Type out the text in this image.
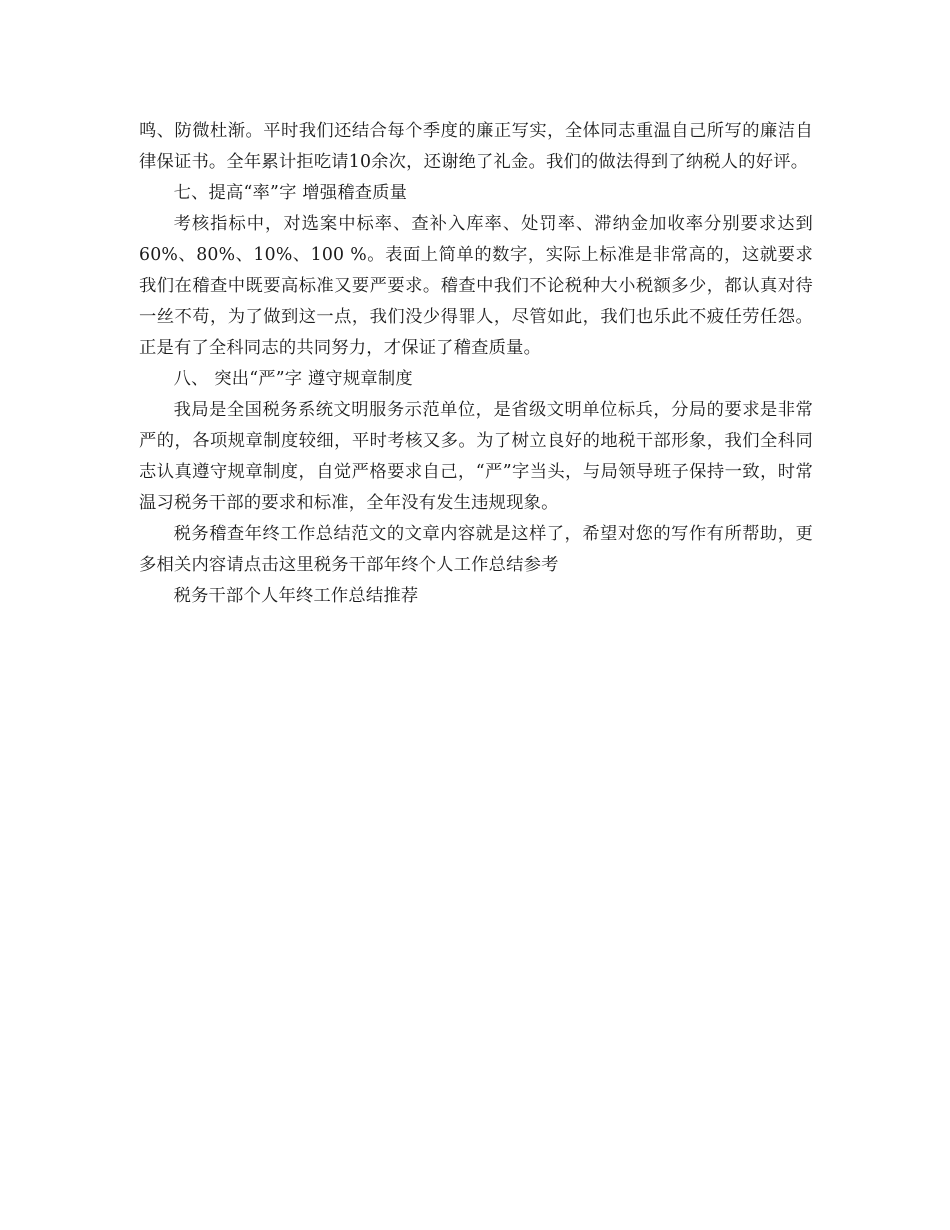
鸣、防微杜渐。平时我们还结合每个季度的廉正写实，全体同志重温自己所写的廉洁自律保证书。全年累计拒吃请10余次，还谢绝了礼金。我们的做法得到了纳税人的好评。

七、提高“率”字 增强稽查质量

考核指标中，对选案中标率、查补入库率、处罚率、滞纳金加收率分别要求达到60%、80%、10%、100 %。表面上简单的数字，实际上标准是非常高的，这就要求我们在稽查中既要高标准又要严要求。稽查中我们不论税种大小税额多少，都认真对待一丝不苟，为了做到这一点，我们没少得罪人，尽管如此，我们也乐此不疲任劳任怨。正是有了全科同志的共同努力，才保证了稽查质量。

八、 突出“严”字 遵守规章制度

我局是全国税务系统文明服务示范单位，是省级文明单位标兵，分局的要求是非常严的，各项规章制度较细，平时考核又多。为了树立良好的地税干部形象，我们全科同志认真遵守规章制度，自觉严格要求自己，“严”字当头，与局领导班子保持一致，时常温习税务干部的要求和标准，全年没有发生违规现象。

税务稽查年终工作总结范文的文章内容就是这样了，希望对您的写作有所帮助，更多相关内容请点击这里税务干部年终个人工作总结参考

税务干部个人年终工作总结推荐
